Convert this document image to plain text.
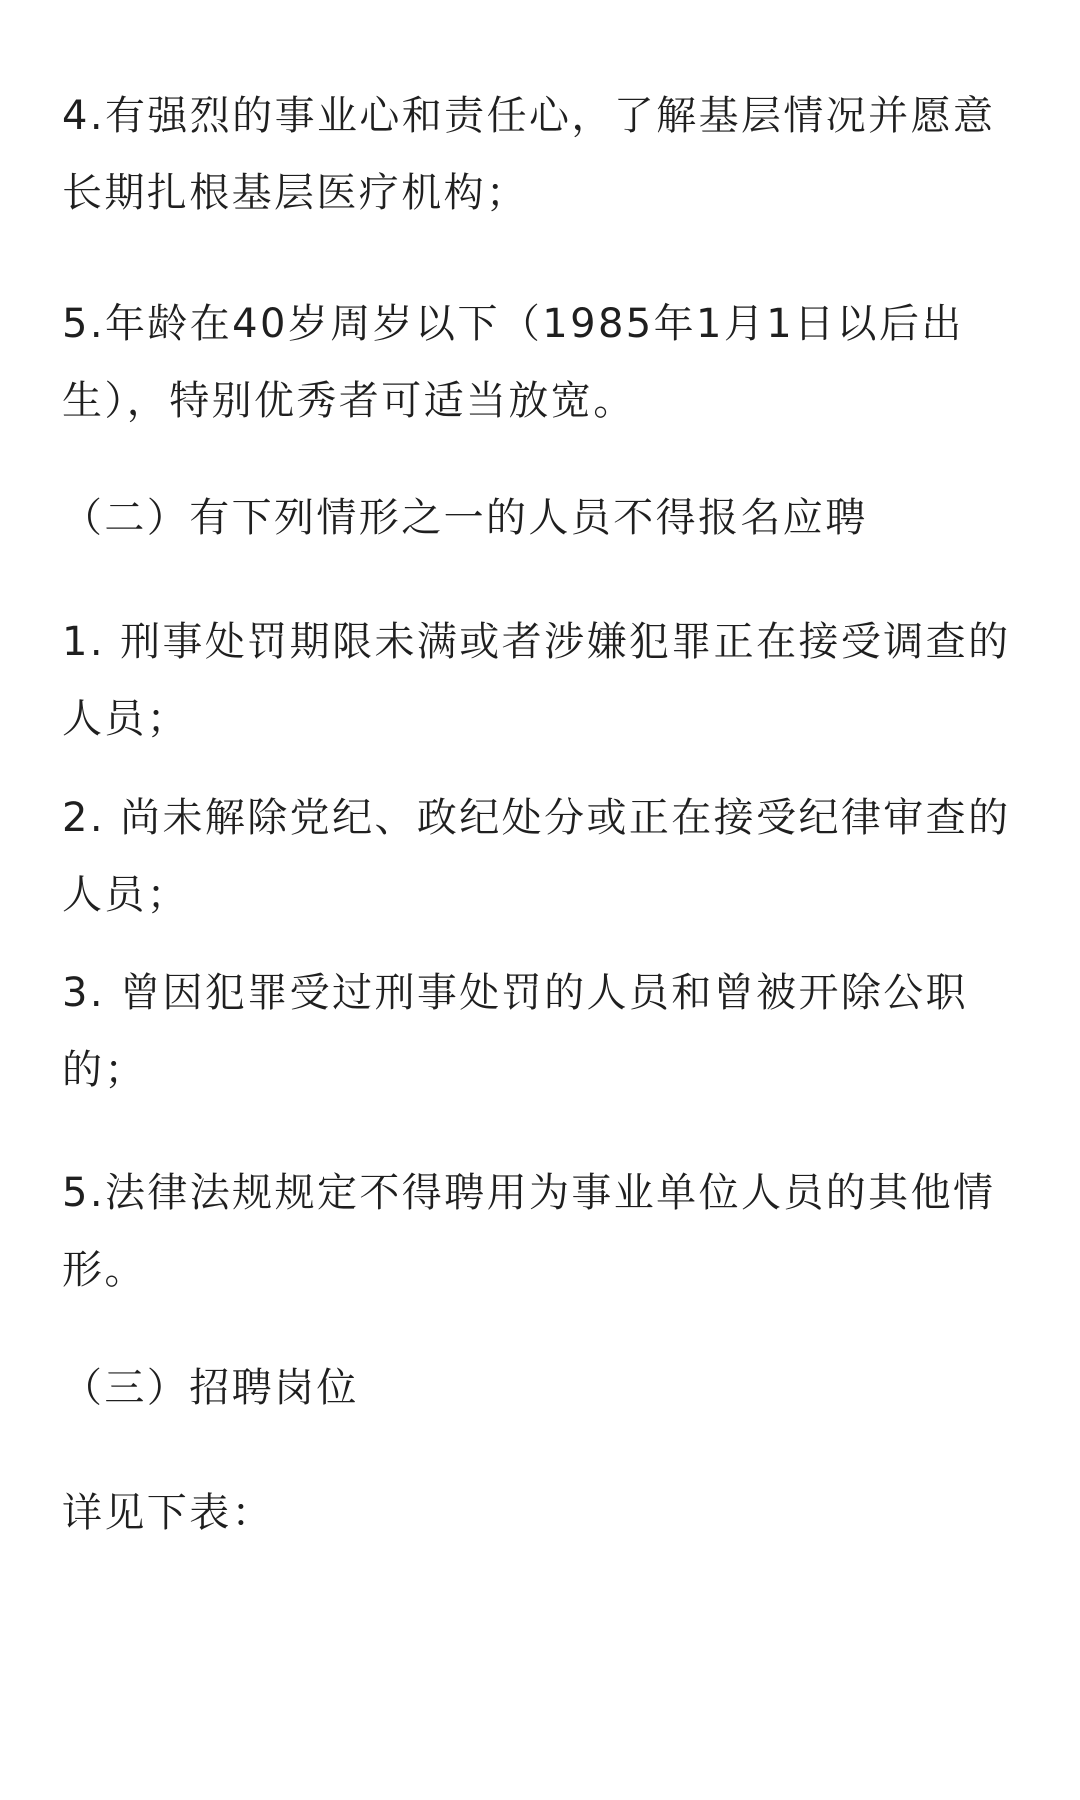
4.有强烈的事业心和责任心，了解基层情况并愿意长期扎根基层医疗机构；

5.年龄在40岁周岁以下（1985年1月1日以后出生），特别优秀者可适当放宽。

（二）有下列情形之一的人员不得报名应聘

1. 刑事处罚期限未满或者涉嫌犯罪正在接受调查的人员；

2. 尚未解除党纪、政纪处分或正在接受纪律审查的人员；

3. 曾因犯罪受过刑事处罚的人员和曾被开除公职的；

5.法律法规规定不得聘用为事业单位人员的其他情形。

（三）招聘岗位

详见下表：
